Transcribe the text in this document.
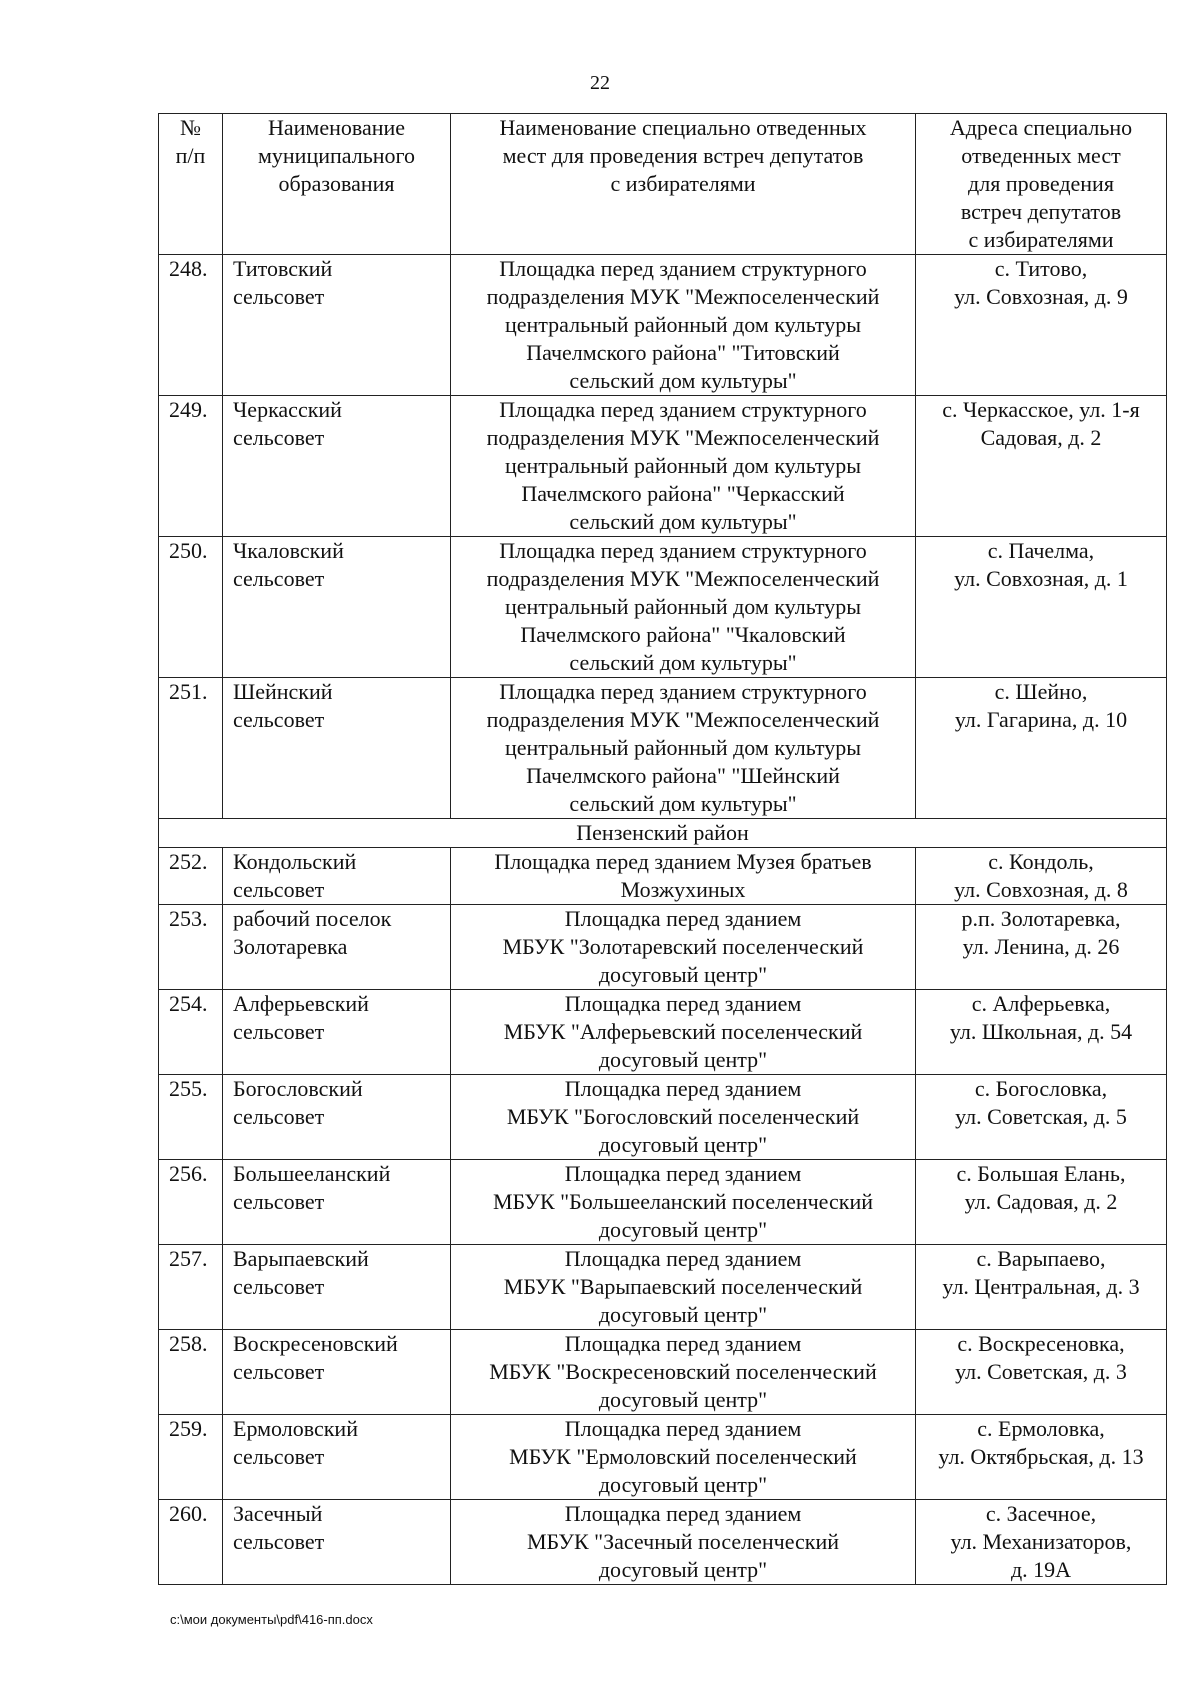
22
№
п/п	Наименование
муниципального
образования	Наименование специально отведенных
мест для проведения встреч депутатов
с избирателями	Адреса специально
отведенных мест
для проведения
встреч депутатов
с избирателями

248.	Титовский
сельсовет	Площадка перед зданием структурного
подразделения МУК "Межпоселенческий
центральный районный дом культуры
Пачелмского района" "Титовский
сельский дом культуры"	с. Титово,
ул. Совхозная, д. 9

249.	Черкасский
сельсовет	Площадка перед зданием структурного
подразделения МУК "Межпоселенческий
центральный районный дом культуры
Пачелмского района" "Черкасский
сельский дом культуры"	с. Черкасское, ул. 1-я
Садовая, д. 2

250.	Чкаловский
сельсовет	Площадка перед зданием структурного
подразделения МУК "Межпоселенческий
центральный районный дом культуры
Пачелмского района" "Чкаловский
сельский дом культуры"	с. Пачелма,
ул. Совхозная, д. 1

251.	Шейнский
сельсовет	Площадка перед зданием структурного
подразделения МУК "Межпоселенческий
центральный районный дом культуры
Пачелмского района" "Шейнский
сельский дом культуры"	с. Шейно,
ул. Гагарина, д. 10

Пензенский район			

252.	Кондольский
сельсовет	Площадка перед зданием Музея братьев
Мозжухиных	с. Кондоль,
ул. Совхозная, д. 8

253.	рабочий поселок
Золотаревка	Площадка перед зданием
МБУК "Золотаревский поселенческий
досуговый центр"	р.п. Золотаревка,
ул. Ленина, д. 26

254.	Алферьевский
сельсовет	Площадка перед зданием
МБУК "Алферьевский поселенческий
досуговый центр"	с. Алферьевка,
ул. Школьная, д. 54

255.	Богословский
сельсовет	Площадка перед зданием
МБУК "Богословский поселенческий
досуговый центр"	с. Богословка,
ул. Советская, д. 5

256.	Большееланский
сельсовет	Площадка перед зданием
МБУК "Большееланский поселенческий
досуговый центр"	с. Большая Елань,
ул. Садовая, д. 2

257.	Варыпаевский
сельсовет	Площадка перед зданием
МБУК "Варыпаевский поселенческий
досуговый центр"	с. Варыпаево,
ул. Центральная, д. 3

258.	Воскресеновский
сельсовет	Площадка перед зданием
МБУК "Воскресеновский поселенческий
досуговый центр"	с. Воскресеновка,
ул. Советская, д. 3

259.	Ермоловский
сельсовет	Площадка перед зданием
МБУК "Ермоловский поселенческий
досуговый центр"	с. Ермоловка,
ул. Октябрьская, д. 13

260.	Засечный
сельсовет	Площадка перед зданием
МБУК "Засечный поселенческий
досуговый центр"	с. Засечное,
ул. Механизаторов,
д. 19А
c:\мои документы\pdf\416-пп.docx
